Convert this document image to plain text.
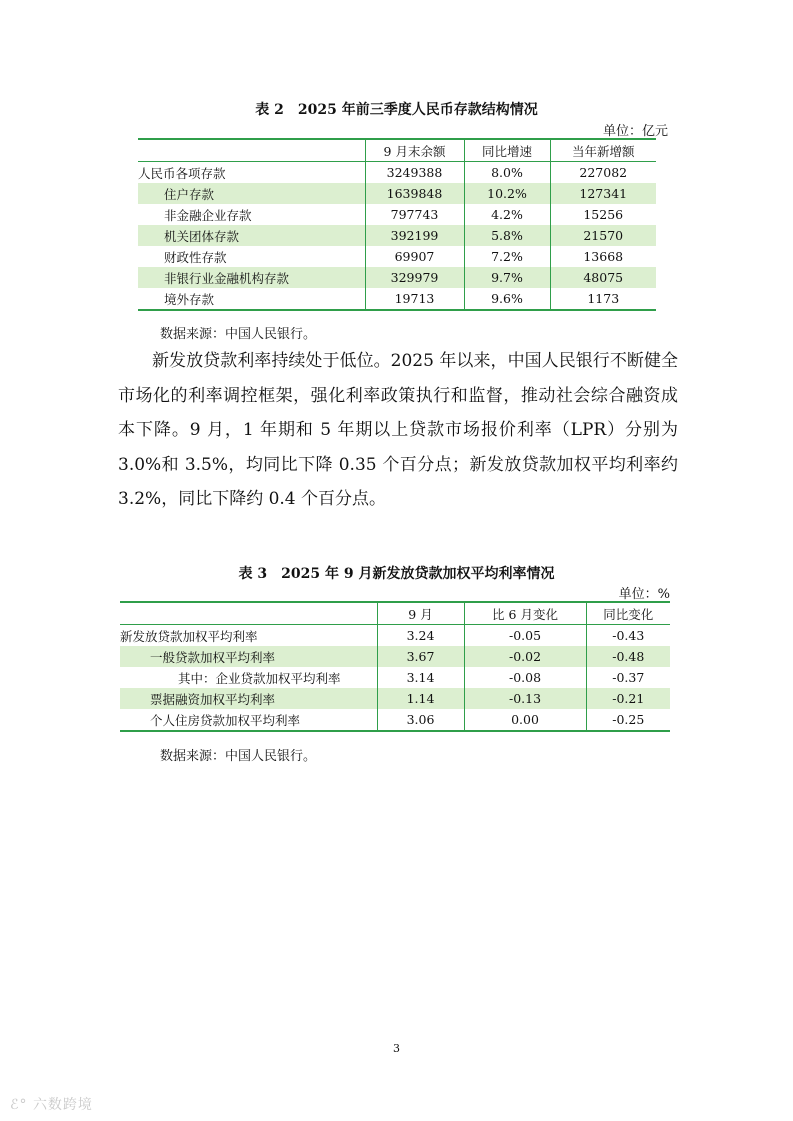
表 2　2025 年前三季度人民币存款结构情况
单位：亿元
	9 月末余额	同比增速	当年新增额
人民币各项存款	3249388	8.0%	227082
住户存款	1639848	10.2%	127341
非金融企业存款	797743	4.2%	15256
机关团体存款	392199	5.8%	21570
财政性存款	69907	7.2%	13668
非银行业金融机构存款	329979	9.7%	48075
境外存款	19713	9.6%	1173
数据来源：中国人民银行。

新发放贷款利率持续处于低位。2025 年以来，中国人民银行不断健全市场化的利率调控框架，强化利率政策执行和监督，推动社会综合融资成本下降。9 月，1 年期和 5 年期以上贷款市场报价利率（LPR）分别为 3.0%和 3.5%，均同比下降 0.35 个百分点；新发放贷款加权平均利率约 3.2%，同比下降约 0.4 个百分点。

表 3　2025 年 9 月新发放贷款加权平均利率情况
单位：%
	9 月	比 6 月变化	同比变化
新发放贷款加权平均利率	3.24	-0.05	-0.43
一般贷款加权平均利率	3.67	-0.02	-0.48
其中：企业贷款加权平均利率	3.14	-0.08	-0.37
票据融资加权平均利率	1.14	-0.13	-0.21
个人住房贷款加权平均利率	3.06	0.00	-0.25
数据来源：中国人民银行。
3
ℰ° 六数跨境
